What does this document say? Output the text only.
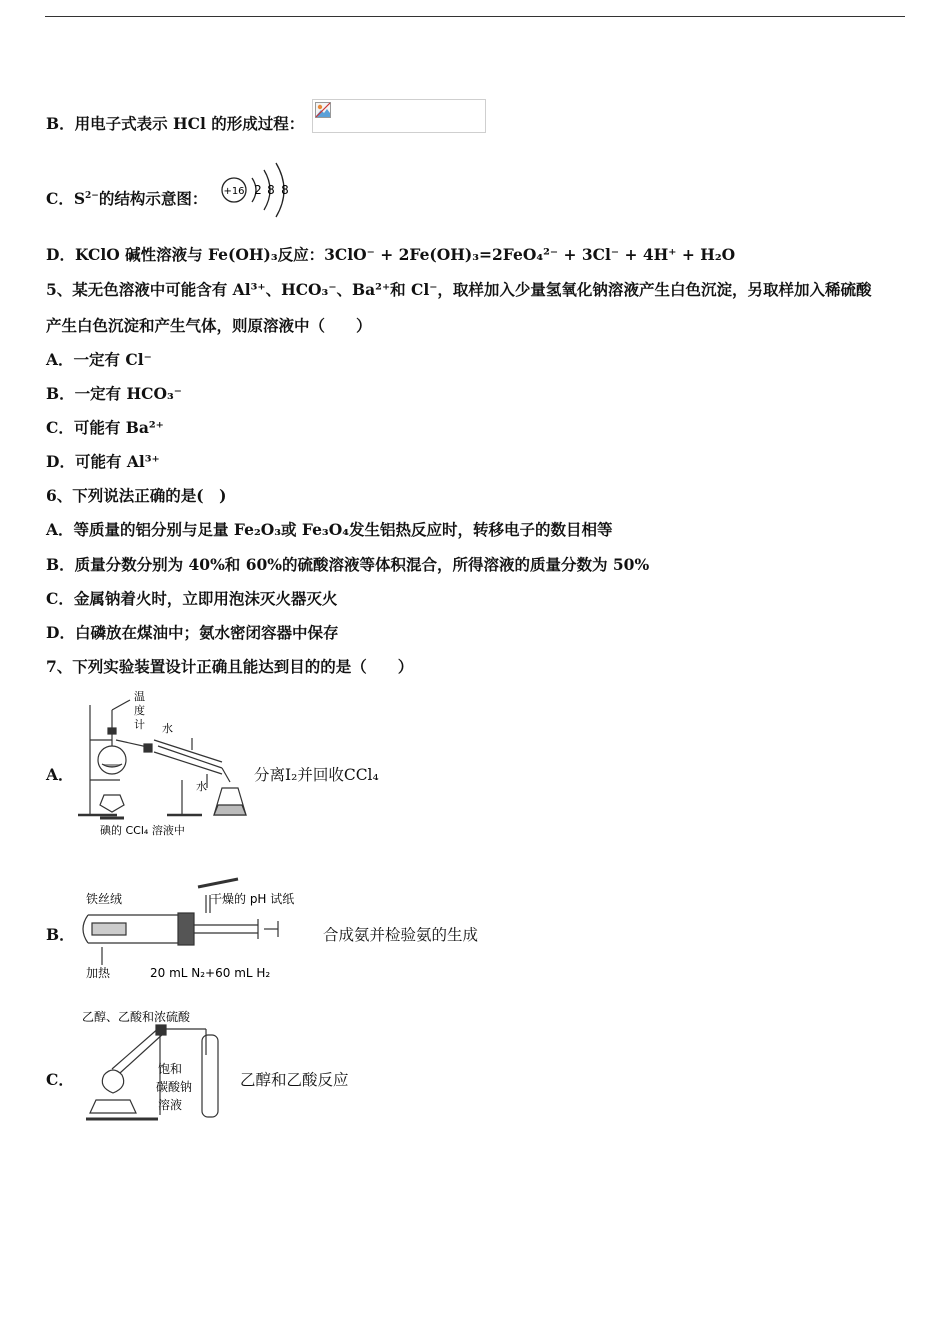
B．用电子式表示 HCl 的形成过程：
C．$S^{2-}$的结构示意图： +16 2 8 8
D．KClO 碱性溶液与 Fe(OH)₃反应：3ClO⁻ + 2Fe(OH)₃=2FeO₄²⁻ + 3Cl⁻ + 4H⁺ + H₂O
5、某无色溶液中可能含有 Al³⁺、HCO₃⁻、Ba²⁺和 Cl⁻，取样加入少量氢氧化钠溶液产生白色沉淀，另取样加入稀硫酸
产生白色沉淀和产生气体，则原溶液中（　　）
A．一定有 Cl⁻
B．一定有 HCO₃⁻
C．可能有 Ba²⁺
D．可能有 Al³⁺
6、下列说法正确的是(　)
A．等质量的铝分别与足量 Fe₂O₃或 Fe₃O₄发生铝热反应时，转移电子的数目相等
B．质量分数分别为 40%和 60%的硫酸溶液等体积混合，所得溶液的质量分数为 50%
C．金属钠着火时，立即用泡沫灭火器灭火
D．白磷放在煤油中；氨水密闭容器中保存
7、下列实验装置设计正确且能达到目的的是（　　）
A．
温
度
计 水
水
碘的 CCl₄ 溶液中
分离I₂并回收CCl₄
B．
铁丝绒	干燥的 pH 试纸
加热	20 mL N₂+60 mL H₂
合成氨并检验氨的生成
C．
乙醇、乙酸和浓硫酸
饱和
碳酸钠
溶液
乙醇和乙酸反应
